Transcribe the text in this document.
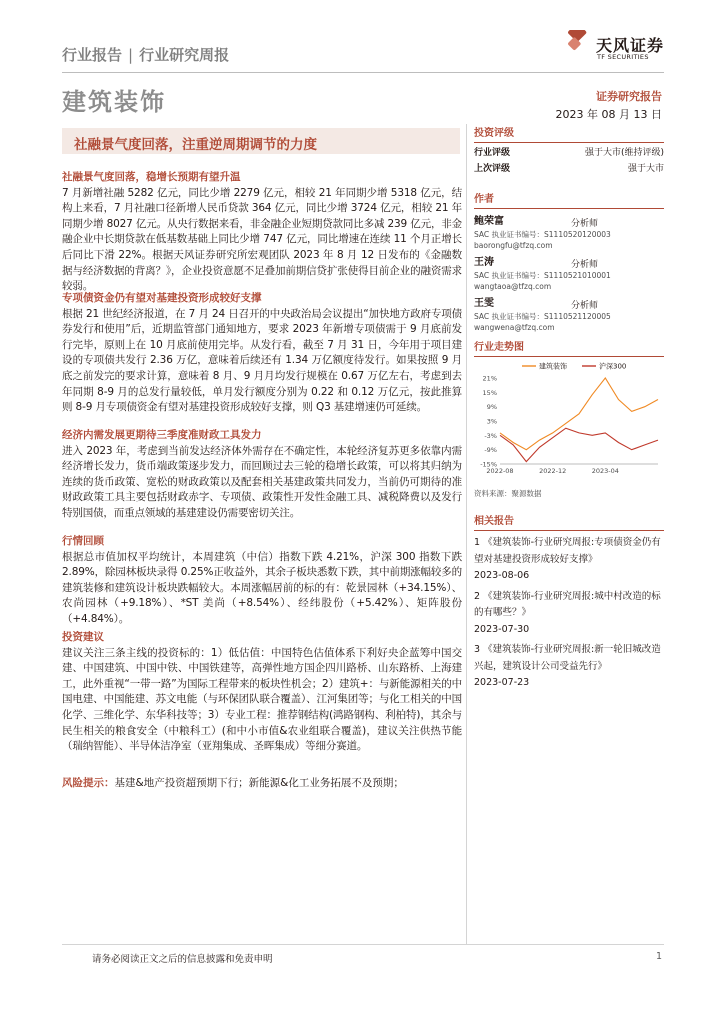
行业报告 | 行业研究周报	天风证券
TF SECURITIES
建筑装饰	证券研究报告
2023 年 08 月 13 日
社融景气度回落，注重逆周期调节的力度
社融景气度回落，稳增长预期有望升温
7 月新增社融 5282 亿元，同比少增 2279 亿元，相较 21 年同期少增 5318 亿元，结构上来看，7 月社融口径新增人民币贷款 364 亿元，同比少增 3724 亿元，相较 21 年同期少增 8027 亿元。从央行数据来看，非金融企业短期贷款同比多减 239 亿元，非金融企业中长期贷款在低基数基础上同比少增 747 亿元，同比增速在连续 11 个月正增长后同比下滑 22%。根据天风证券研究所宏观团队 2023 年 8 月 12 日发布的《金融数据与经济数据的背离？》，企业投资意愿不足叠加前期信贷扩张使得目前企业的融资需求较弱。
专项债资金仍有望对基建投资形成较好支撑
根据 21 世纪经济报道，在 7 月 24 日召开的中央政治局会议提出“加快地方政府专项债券发行和使用”后，近期监管部门通知地方，要求 2023 年新增专项债需于 9 月底前发行完毕，原则上在 10 月底前使用完毕。从发行看，截至 7 月 31 日，今年用于项目建设的专项债共发行 2.36 万亿，意味着后续还有 1.34 万亿额度待发行。如果按照 9 月底之前发完的要求计算，意味着 8 月、9 月月均发行规模在 0.67 万亿左右，考虑到去年同期 8-9 月的总发行量较低，单月发行额度分别为 0.22 和 0.12 万亿元，按此推算则 8-9 月专项债资金有望对基建投资形成较好支撑，则 Q3 基建增速仍可延续。
经济内需发展更期待三季度准财政工具发力
进入 2023 年，考虑到当前发达经济体外需存在不确定性，本轮经济复苏更多依靠内需经济增长发力，货币端政策逐步发力，而回顾过去三轮的稳增长政策，可以将其归纳为连续的货币政策、宽松的财政政策以及配套相关基建政策共同发力，当前仍可期待的准财政政策工具主要包括财政赤字、专项债、政策性开发性金融工具、减税降费以及发行特别国债，而重点领域的基建建设仍需要密切关注。
行情回顾
根据总市值加权平均统计，本周建筑（中信）指数下跌 4.21%，沪深 300 指数下跌 2.89%，除园林板块录得 0.25%正收益外，其余子板块悉数下跌，其中前期涨幅较多的建筑装修和建筑设计板块跌幅较大。本周涨幅居前的标的有：乾景园林（+34.15%）、农尚园林（+9.18%）、*ST 美尚（+8.54%）、经纬股份（+5.42%）、矩阵股份（+4.84%）。
投资建议
建议关注三条主线的投资标的：1）低估值：中国特色估值体系下利好央企蓝筹中国交建、中国建筑、中国中铁、中国铁建等，高弹性地方国企四川路桥、山东路桥、上海建工，此外重视“一带一路”为国际工程带来的板块性机会；2）建筑+：与新能源相关的中国电建、中国能建、苏文电能（与环保团队联合覆盖）、江河集团等；与化工相关的中国化学、三维化学、东华科技等；3）专业工程：推荐钢结构(鸿路钢构、利柏特)，其余与民生相关的粮食安全（中粮科工）(和中小市值&农业组联合覆盖)，建议关注供热节能（瑞纳智能）、半导体洁净室（亚翔集成、圣晖集成）等细分赛道。
风险提示：基建&地产投资超预期下行；新能源&化工业务拓展不及预期；
投资评级
行业评级	强于大市(维持评级)
上次评级	强于大市
作者
鲍荣富	分析师
SAC 执业证书编号：S1110520120003
baorongfu@tfzq.com
王涛	分析师
SAC 执业证书编号：S1110521010001
wangtaoa@tfzq.com
王雯	分析师
SAC 执业证书编号：S1110521120005
wangwena@tfzq.com
行业走势图
21%
15%
9%
3%
-3%
-9%
-15%
2022-08	2022-12	2023-04
建筑装饰	沪深300
资料来源：聚源数据
相关报告
1 《建筑装饰-行业研究周报:专项债资金仍有望对基建投资形成较好支撑》
2023-08-06
2 《建筑装饰-行业研究周报:城中村改造的标的有哪些？》
2023-07-30
3 《建筑装饰-行业研究周报:新一轮旧城改造兴起，建筑设计公司受益先行》
2023-07-23
请务必阅读正文之后的信息披露和免责申明	1
